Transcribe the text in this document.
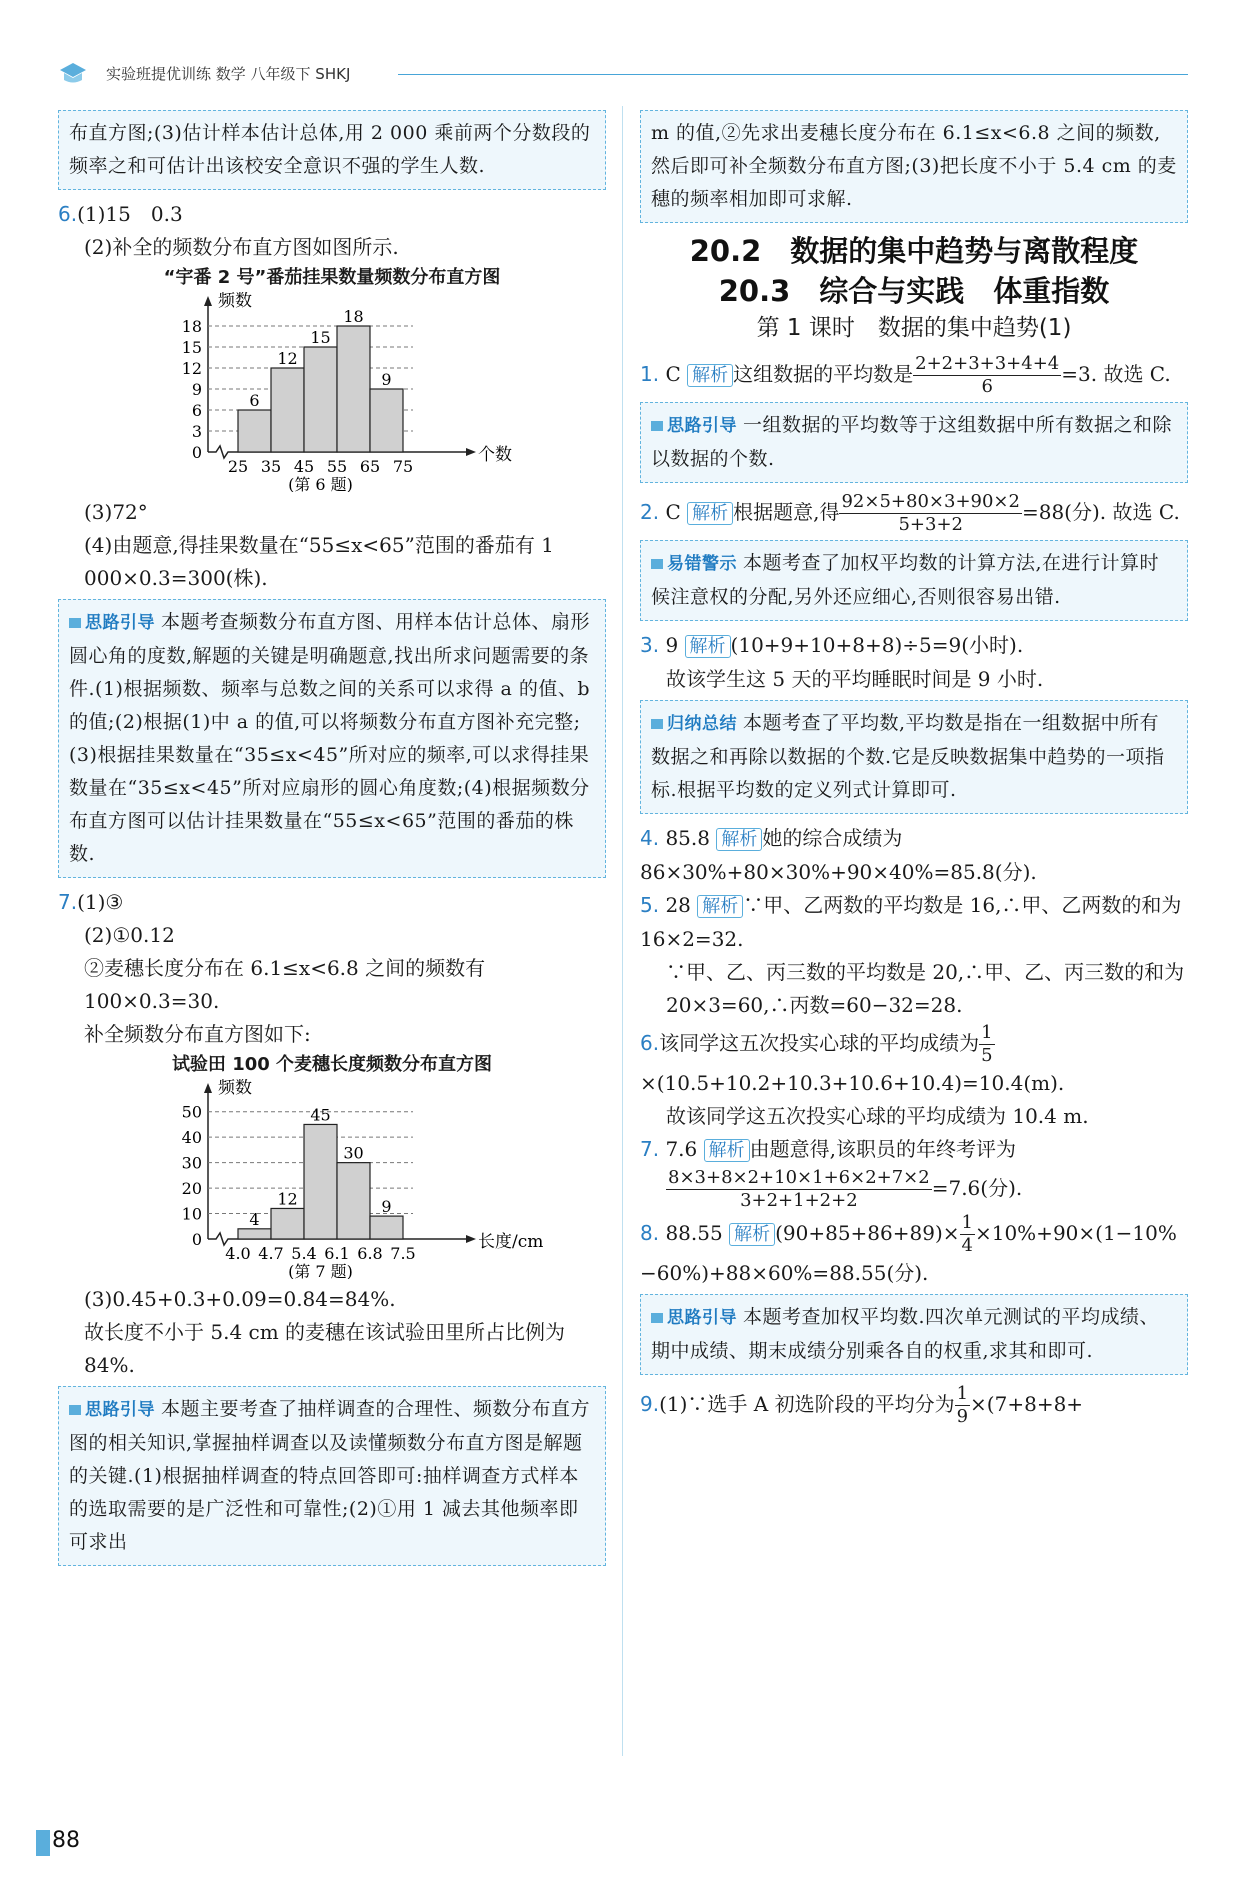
实验班提优训练 数学 八年级下 SHKJ

布直方图;(3)估计样本估计总体,用 2 000 乘前两个分数段的频率之和可估计出该校安全意识不强的学生人数.

6.(1)15　0.3

(2)补全的频数分布直方图如图所示.

“宇番 2 号”番茄挂果数量频数分布直方图
频数
个数
0
3
6
9
12
15
18
6
12
15
18
9
25 35 45 55 65 75
(第 6 题)

(3)72°

(4)由题意,得挂果数量在“55≤x<65”范围的番茄有 1 000×0.3=300(株).

思路引导 本题考查频数分布直方图、用样本估计总体、扇形圆心角的度数,解题的关键是明确题意,找出所求问题需要的条件.(1)根据频数、频率与总数之间的关系可以求得 a 的值、b 的值;(2)根据(1)中 a 的值,可以将频数分布直方图补充完整;(3)根据挂果数量在“35≤x<45”所对应的频率,可以求得挂果数量在“35≤x<45”所对应扇形的圆心角度数;(4)根据频数分布直方图可以估计挂果数量在“55≤x<65”范围的番茄的株数.

7.(1)③

(2)①0.12

②麦穗长度分布在 6.1≤x<6.8 之间的频数有 100×0.3=30.

补全频数分布直方图如下:

试验田 100 个麦穗长度频数分布直方图
频数
长度/cm
0
10
20
30
40
50
4
12
45
30
9
4.0 4.7 5.4 6.1 6.8 7.5
(第 7 题)

(3)0.45+0.3+0.09=0.84=84%.

故长度不小于 5.4 cm 的麦穗在该试验田里所占比例为 84%.

思路引导 本题主要考查了抽样调查的合理性、频数分布直方图的相关知识,掌握抽样调查以及读懂频数分布直方图是解题的关键.(1)根据抽样调查的特点回答即可:抽样调查方式样本的选取需要的是广泛性和可靠性;(2)①用 1 减去其他频率即可求出

m 的值,②先求出麦穗长度分布在 6.1≤x<6.8 之间的频数,然后即可补全频数分布直方图;(3)把长度不小于 5.4 cm 的麦穗的频率相加即可求解.

20.2　数据的集中趋势与离散程度
20.3　综合与实践　体重指数
第 1 课时　数据的集中趋势(1)

1. C 解析 这组数据的平均数是 $\frac{2+2+3+3+4+4}{6} =3$. 故选 C.

思路引导 一组数据的平均数等于这组数据中所有数据之和除以数据的个数.

2. C 解析 根据题意,得 $\frac{92\times 5+80\times 3+90\times 2}{5+3+2} =88$(分). 故选 C.

易错警示 本题考查了加权平均数的计算方法,在进行计算时候注意权的分配,另外还应细心,否则很容易出错.

3. 9 解析 (10+9+10+8+8)÷5=9(小时).

故该学生这 5 天的平均睡眠时间是 9 小时.

归纳总结 本题考查了平均数,平均数是指在一组数据中所有数据之和再除以数据的个数.它是反映数据集中趋势的一项指标.根据平均数的定义列式计算即可.

4. 85.8 解析 她的综合成绩为 86×30%+80×30%+90×40%=85.8(分).

5. 28 解析 ∵甲、乙两数的平均数是 16,∴甲、乙两数的和为 16×2=32.

∵甲、乙、丙三数的平均数是 20,∴甲、乙、丙三数的和为 20×3=60,∴丙数=60−32=28.

6.该同学这五次投实心球的平均成绩为 $\frac{1}{5}$
×(10.5+10.2+10.3+10.6+10.4)=10.4(m).

故该同学这五次投实心球的平均成绩为 10.4 m.

7. 7.6 解析 由题意得,该职员的年终考评为

$\frac{8\times 3+8\times 2+10\times 1+6\times 2+7\times 2}{3+2+1+2+2} =7.6$(分).

8. 88.55 解析 $(90+85+86+89)\times \frac{1}{4} \times 10\%+90\times(1-10\%-60\%)+88\times 60\%=88.55$(分).

思路引导 本题考查加权平均数.四次单元测试的平均成绩、期中成绩、期末成绩分别乘各自的权重,求其和即可.

9.(1)∵选手 A 初选阶段的平均分为 $\frac{1}{9} \times(7+8+8+$

88
